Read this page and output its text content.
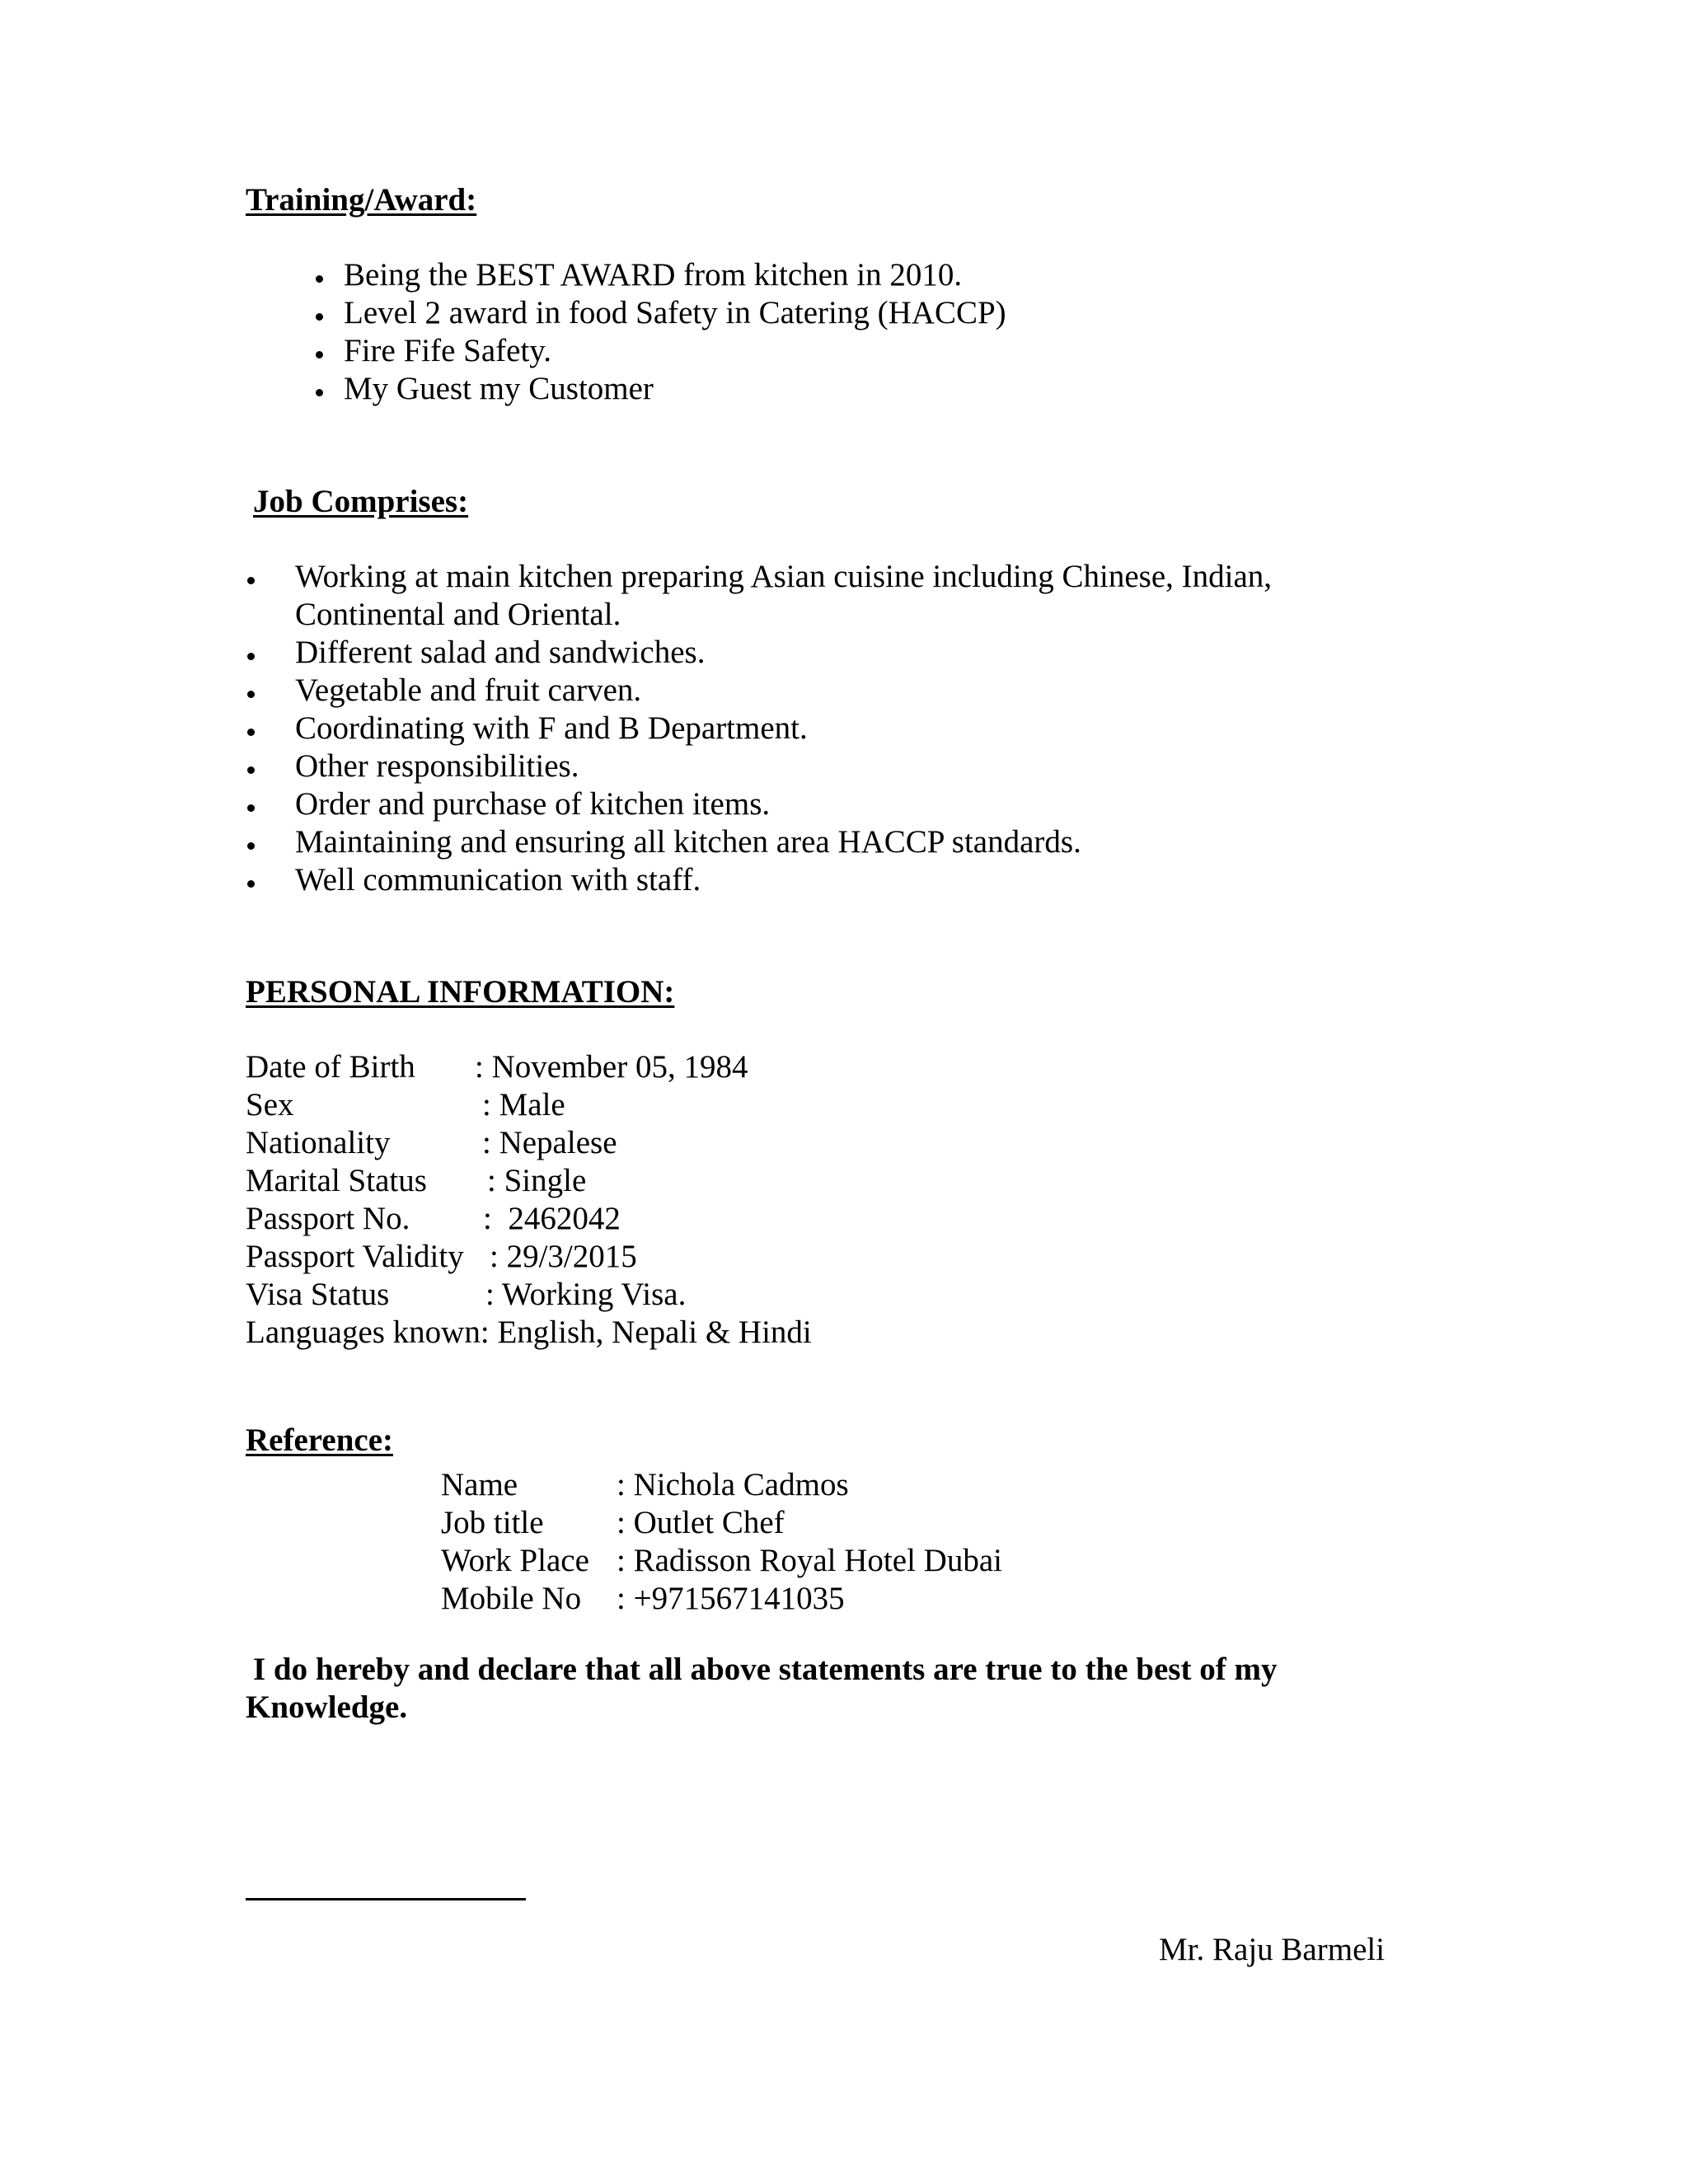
Training/Award:
Being the BEST AWARD from kitchen in 2010.
Level 2 award in food Safety in Catering (HACCP)
Fire Fife Safety.
My Guest my Customer
Job Comprises:
Working at main kitchen preparing Asian cuisine including Chinese, Indian,
Continental and Oriental.
Different salad and sandwiches.
Vegetable and fruit carven.
Coordinating with F and B Department.
Other responsibilities.
Order and purchase of kitchen items.
Maintaining and ensuring all kitchen area HACCP standards.
Well communication with staff.
PERSONAL INFORMATION:
Date of Birth : November 05, 1984
Sex	: Male
Nationality	: Nepalese
Marital Status : Single
Passport No. :  2462042
Passport Validity : 29/3/2015
Visa Status	: Working Visa.
Languages known: English, Nepali & Hindi
Reference:
Name	: Nichola Cadmos
Job title : Outlet Chef
Work Place : Radisson Royal Hotel Dubai
Mobile No : +971567141035
I do hereby and declare that all above statements are true to the best of my
Knowledge.
Mr. Raju Barmeli
